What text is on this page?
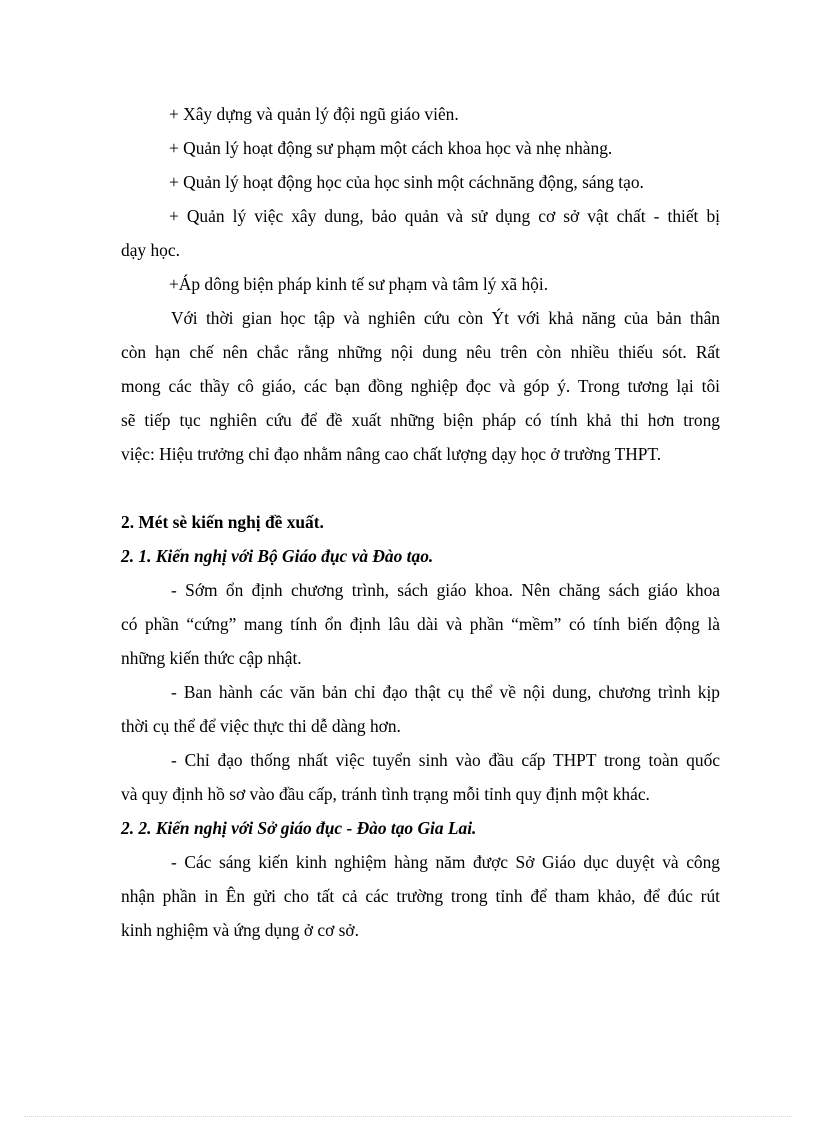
+ Xây dựng và quản lý đội ngũ giáo viên.

+ Quản lý hoạt động sư phạm một cách khoa học và nhẹ nhàng.

+ Quản lý hoạt động học của học sinh một cáchnăng động, sáng tạo.

+ Quản lý việc xây dung, bảo quản và sử dụng cơ sở vật chất - thiết bị

dạy học.

+Áp dông biện pháp kinh tế sư phạm và tâm lý xã hội.

Với thời gian học tập và nghiên cứu còn Ýt với khả năng của bản thân

còn hạn chế nên chắc rằng những nội dung nêu trên còn nhiều thiếu sót. Rất

mong các thầy cô giáo, các bạn đồng nghiệp đọc và góp ý. Trong tương lại tôi

sẽ tiếp tục nghiên cứu để đề xuất những biện pháp có tính khả thi hơn trong

việc: Hiệu trưởng chỉ đạo nhằm nâng cao chất lượng dạy học ở trường THPT.

2. Mét sè kiến nghị đề xuất.

2. 1. Kiến nghị với Bộ Giáo đục và Đào tạo.

- Sớm ổn định chương trình, sách giáo khoa. Nên chăng sách giáo khoa

có phần “cứng” mang tính ổn định lâu dài và phần “mềm” có tính biến động là

những kiến thức cập nhật.

- Ban hành các văn bản chỉ đạo thật cụ thể về nội dung, chương trình kịp

thời cụ thể để việc thực thi dễ dàng hơn.

- Chỉ đạo thống nhất việc tuyển sinh vào đầu cấp THPT trong toàn quốc

và quy định hồ sơ vào đầu cấp, tránh tình trạng mỗi tỉnh quy định một khác.

2. 2. Kiến nghị với Sở giáo đục - Đào tạo Gia Lai.

- Các sáng kiến kinh nghiệm hàng năm được Sở Giáo dục duyệt và công

nhận phần in Ên gửi cho tất cả các trường trong tỉnh để tham khảo, để đúc rút

kinh nghiệm và ứng dụng ở cơ sở.
